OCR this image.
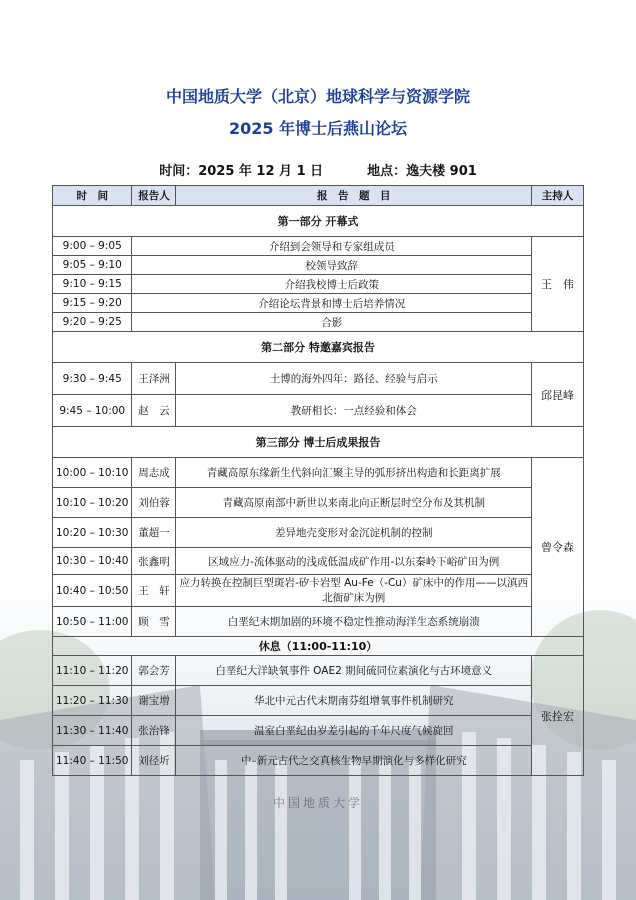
中国地质大学
中国地质大学（北京）地球科学与资源学院
2025 年博士后燕山论坛
时间：2025 年 12 月 1 日	地点：逸夫楼 901
时　间	报告人	报　告　题　目	主持人
第一部分 开幕式			
9:00 – 9:05	介绍到会领导和专家组成员		王　伟
9:05 – 9:10	校领导致辞		
9:10 – 9:15	介绍我校博士后政策		
9:15 – 9:20	介绍论坛背景和博士后培养情况		
9:20 – 9:25	合影		
第二部分 特邀嘉宾报告			
9:30 – 9:45	王泽洲	土博的海外四年：路径、经验与启示	邱昆峰
9:45 – 10:00	赵　云	教研相长：一点经验和体会	
第三部分 博士后成果报告			
10:00 – 10:10	周志成	青藏高原东缘新生代斜向汇聚主导的弧形挤出构造和长距离扩展	曾令森
10:10 – 10:20	刘伯蓉	青藏高原南部中新世以来南北向正断层时空分布及其机制	
10:20 – 10:30	董超一	差异地壳变形对金沉淀机制的控制	
10:30 – 10:40	张鑫明	区域应力-流体驱动的浅成低温成矿作用-以东秦岭下峪矿田为例	
10:40 – 10:50	王　轩	应力转换在控制巨型斑岩-矽卡岩型 Au-Fe（-Cu）矿床中的作用——以滇西北衙矿床为例	
10:50 – 11:00	顾　雪	白垩纪末期加剧的环境不稳定性推动海洋生态系统崩溃	
休息（11:00-11:10）			
11:10 – 11:20	郭会芳	白垩纪大洋缺氧事件 OAE2 期间硫同位素演化与古环境意义	张拴宏
11:20 – 11:30	谢宝增	华北中元古代末期南芬组增氧事件机制研究	
11:30 – 11:40	张治锋	温室白垩纪由岁差引起的千年尺度气候旋回	
11:40 – 11:50	刘径圻	中–新元古代之交真核生物早期演化与多样化研究	
